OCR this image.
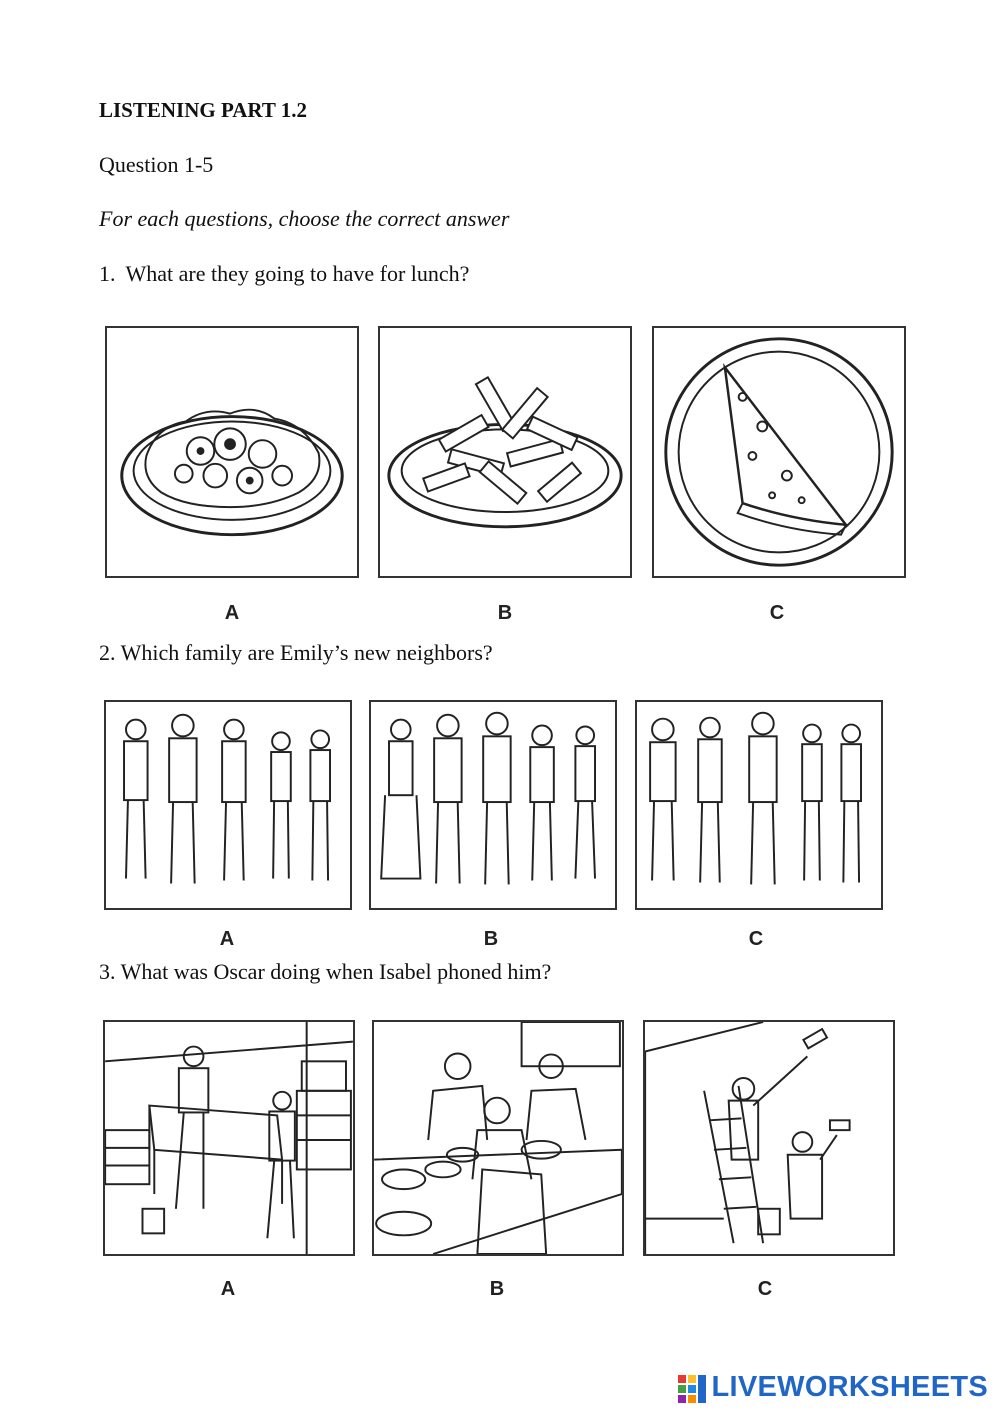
LISTENING PART 1.2
Question 1-5
For each questions, choose the correct answer
1. What are they going to have for lunch?
A	B	C
2. Which family are Emily’s new neighbors?
A	B	C
3. What was Oscar doing when Isabel phoned him?
A	B	C
LIVEWORKSHEETS
